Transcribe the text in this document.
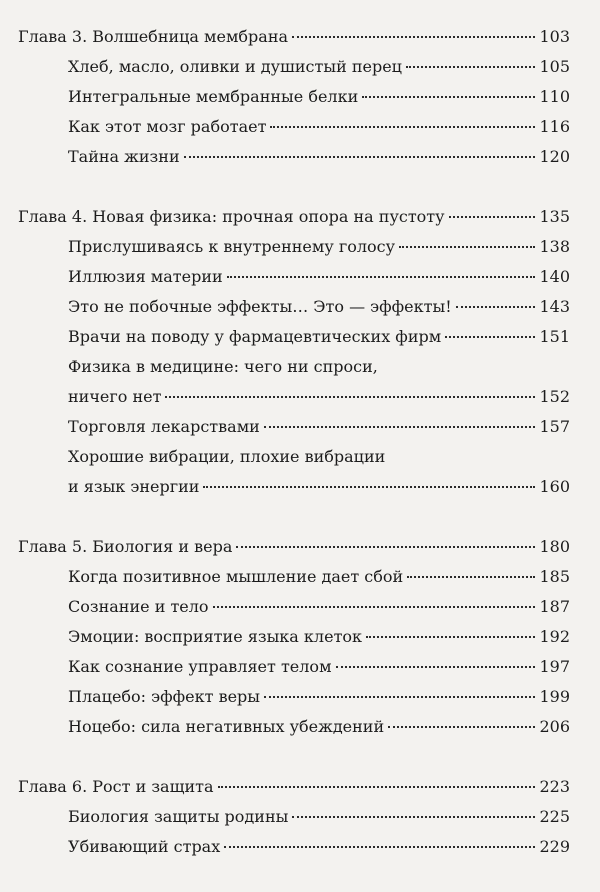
Глава 3. Волшебница мембрана	103
Хлеб, масло, оливки и душистый перец	105
Интегральные мембранные белки	110
Как этот мозг работает	116
Тайна жизни	120
Глава 4. Новая физика: прочная опора на пустоту	135
Прислушиваясь к внутреннему голосу	138
Иллюзия материи	140
Это не побочные эффекты… Это — эффекты!	143
Врачи на поводу у фармацевтических фирм	151
Физика в медицине: чего ни спроси,
ничего нет	152
Торговля лекарствами	157
Хорошие вибрации, плохие вибрации
и язык энергии	160
Глава 5. Биология и вера	180
Когда позитивное мышление дает сбой	185
Сознание и тело	187
Эмоции: восприятие языка клеток	192
Как сознание управляет телом	197
Плацебо: эффект веры	199
Ноцебо: сила негативных убеждений	206
Глава 6. Рост и защита	223
Биология защиты родины	225
Убивающий страх	229
